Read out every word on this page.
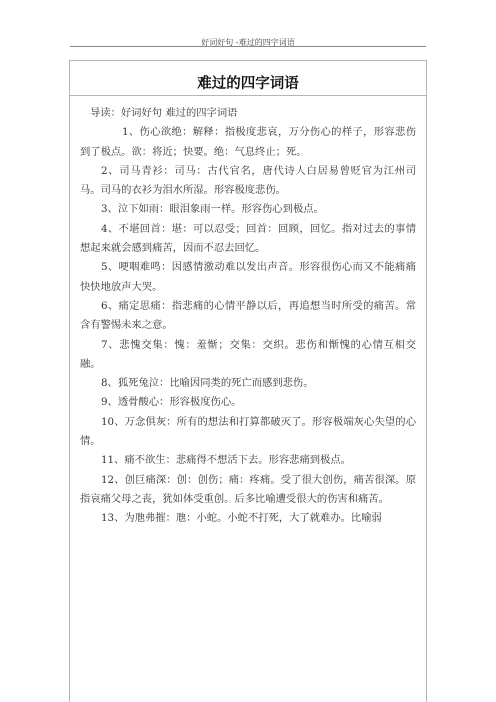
好词好句 -难过的四字词语
难过的四字词语

导读：好词好句 难过的四字词语

1、伤心欲绝：解释：指极度悲哀，万分伤心的样子，形容悲伤到了极点。欲：将近；快要。绝：气息终止；死。

2、司马青衫：司马：古代官名，唐代诗人白居易曾贬官为江州司马。司马的衣衫为泪水所湿。形容极度悲伤。

3、泣下如雨：眼泪象雨一样。形容伤心到极点。

4、不堪回首：堪：可以忍受；回首：回顾，回忆。指对过去的事情想起来就会感到痛苦，因而不忍去回忆。

5、哽咽难鸣：因感情激动难以发出声音。形容很伤心而又不能痛痛快快地放声大哭。

6、痛定思痛：指悲痛的心情平静以后，再追想当时所受的痛苦。常含有警惕未来之意。

7、悲愧交集：愧：羞惭；交集：交织。悲伤和惭愧的心情互相交融。

8、狐死兔泣：比喻因同类的死亡而感到悲伤。

9、透骨酸心：形容极度伤心。

10、万念俱灰：所有的想法和打算都破灭了。形容极端灰心失望的心情。

11、痛不欲生：悲痛得不想活下去。形容悲痛到极点。

12、创巨痛深：创：创伤；痛：疼痛。受了很大创伤，痛苦很深。原指哀痛父母之丧，犹如体受重创。后多比喻遭受很大的伤害和痛苦。

13、为虺弗摧：虺：小蛇。小蛇不打死，大了就难办。比喻弱
